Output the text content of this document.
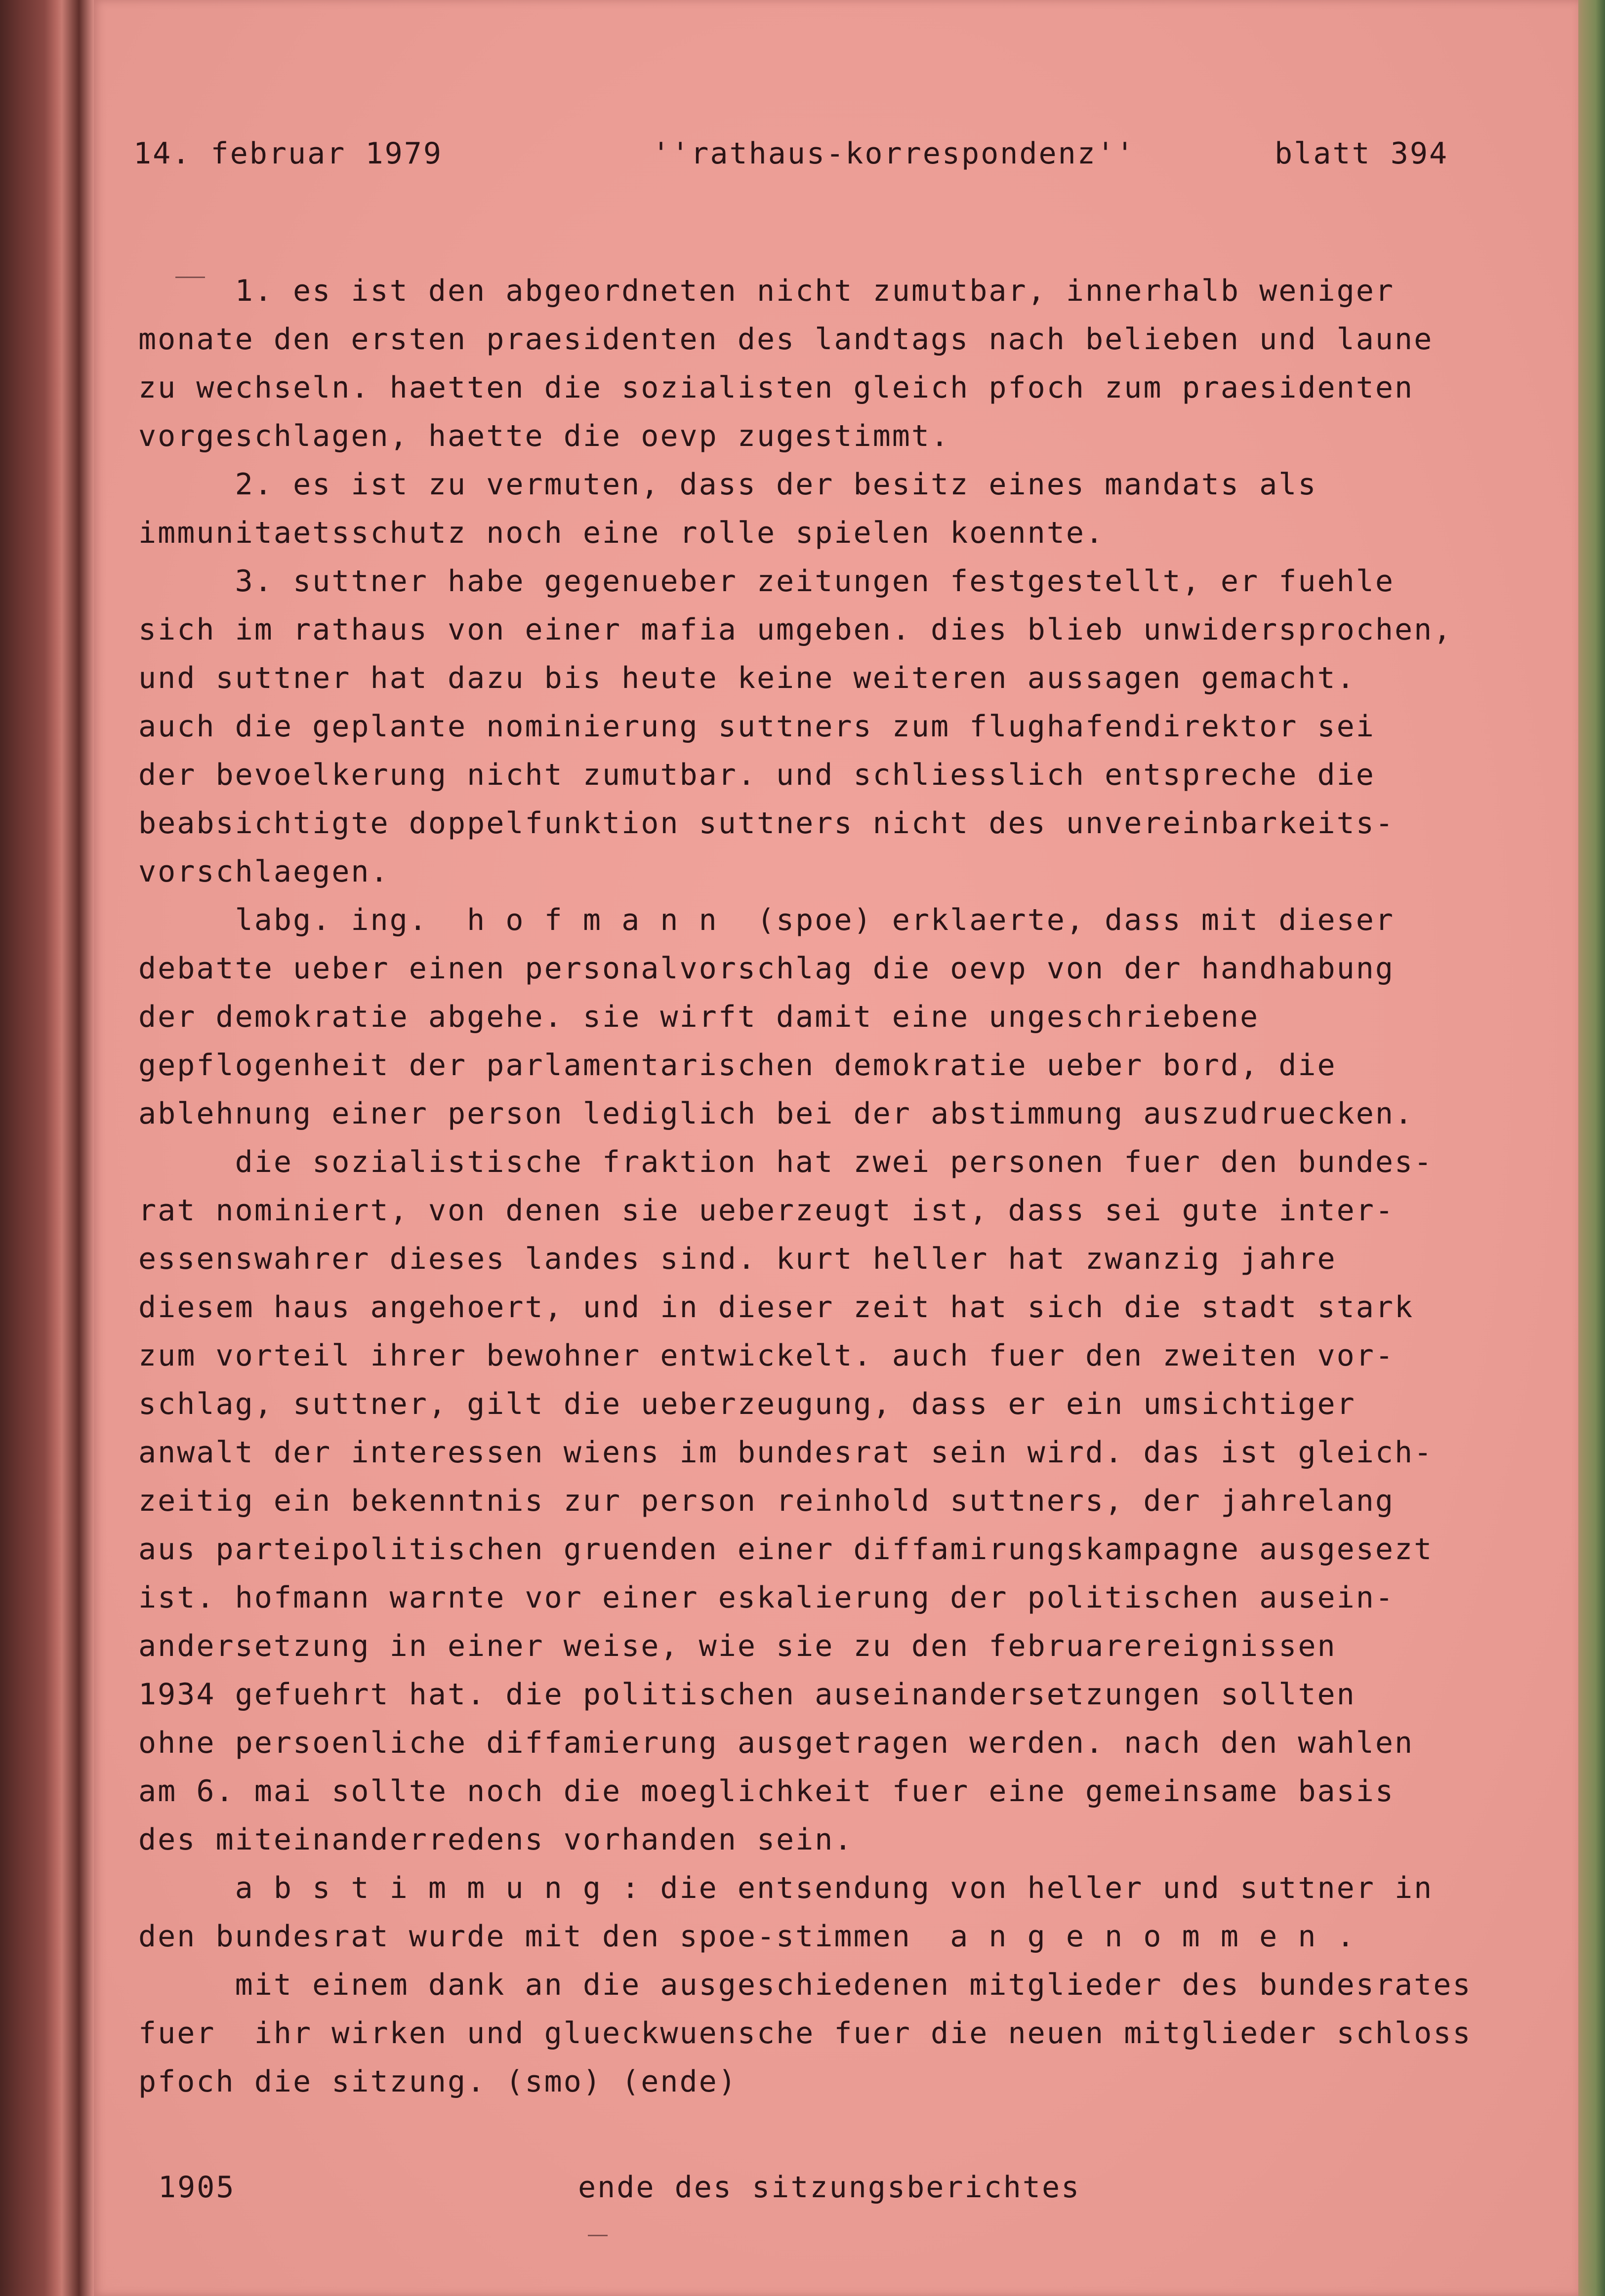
14. februar 1979	''rathaus-korrespondenz''	blatt 394
1. es ist den abgeordneten nicht zumutbar, innerhalb weniger
monate den ersten praesidenten des landtags nach belieben und laune
zu wechseln. haetten die sozialisten gleich pfoch zum praesidenten
vorgeschlagen, haette die oevp zugestimmt.
2. es ist zu vermuten, dass der besitz eines mandats als
immunitaetsschutz noch eine rolle spielen koennte.
3. suttner habe gegenueber zeitungen festgestellt, er fuehle
sich im rathaus von einer mafia umgeben. dies blieb unwidersprochen,
und suttner hat dazu bis heute keine weiteren aussagen gemacht.
auch die geplante nominierung suttners zum flughafendirektor sei
der bevoelkerung nicht zumutbar. und schliesslich entspreche die
beabsichtigte doppelfunktion suttners nicht des unvereinbarkeits-
vorschlaegen.
labg. ing.  h o f m a n n  (spoe) erklaerte, dass mit dieser
debatte ueber einen personalvorschlag die oevp von der handhabung
der demokratie abgehe. sie wirft damit eine ungeschriebene
gepflogenheit der parlamentarischen demokratie ueber bord, die
ablehnung einer person lediglich bei der abstimmung auszudruecken.
die sozialistische fraktion hat zwei personen fuer den bundes-
rat nominiert, von denen sie ueberzeugt ist, dass sei gute inter-
essenswahrer dieses landes sind. kurt heller hat zwanzig jahre
diesem haus angehoert, und in dieser zeit hat sich die stadt stark
zum vorteil ihrer bewohner entwickelt. auch fuer den zweiten vor-
schlag, suttner, gilt die ueberzeugung, dass er ein umsichtiger
anwalt der interessen wiens im bundesrat sein wird. das ist gleich-
zeitig ein bekenntnis zur person reinhold suttners, der jahrelang
aus parteipolitischen gruenden einer diffamirungskampagne ausgesezt
ist. hofmann warnte vor einer eskalierung der politischen ausein-
andersetzung in einer weise, wie sie zu den februarereignissen
1934 gefuehrt hat. die politischen auseinandersetzungen sollten
ohne persoenliche diffamierung ausgetragen werden. nach den wahlen
am 6. mai sollte noch die moeglichkeit fuer eine gemeinsame basis
des miteinanderredens vorhanden sein.
a b s t i m m u n g : die entsendung von heller und suttner in
den bundesrat wurde mit den spoe-stimmen  a n g e n o m m e n .
mit einem dank an die ausgeschiedenen mitglieder des bundesrates
fuer  ihr wirken und glueckwuensche fuer die neuen mitglieder schloss
pfoch die sitzung. (smo) (ende)
1905	ende des sitzungsberichtes
